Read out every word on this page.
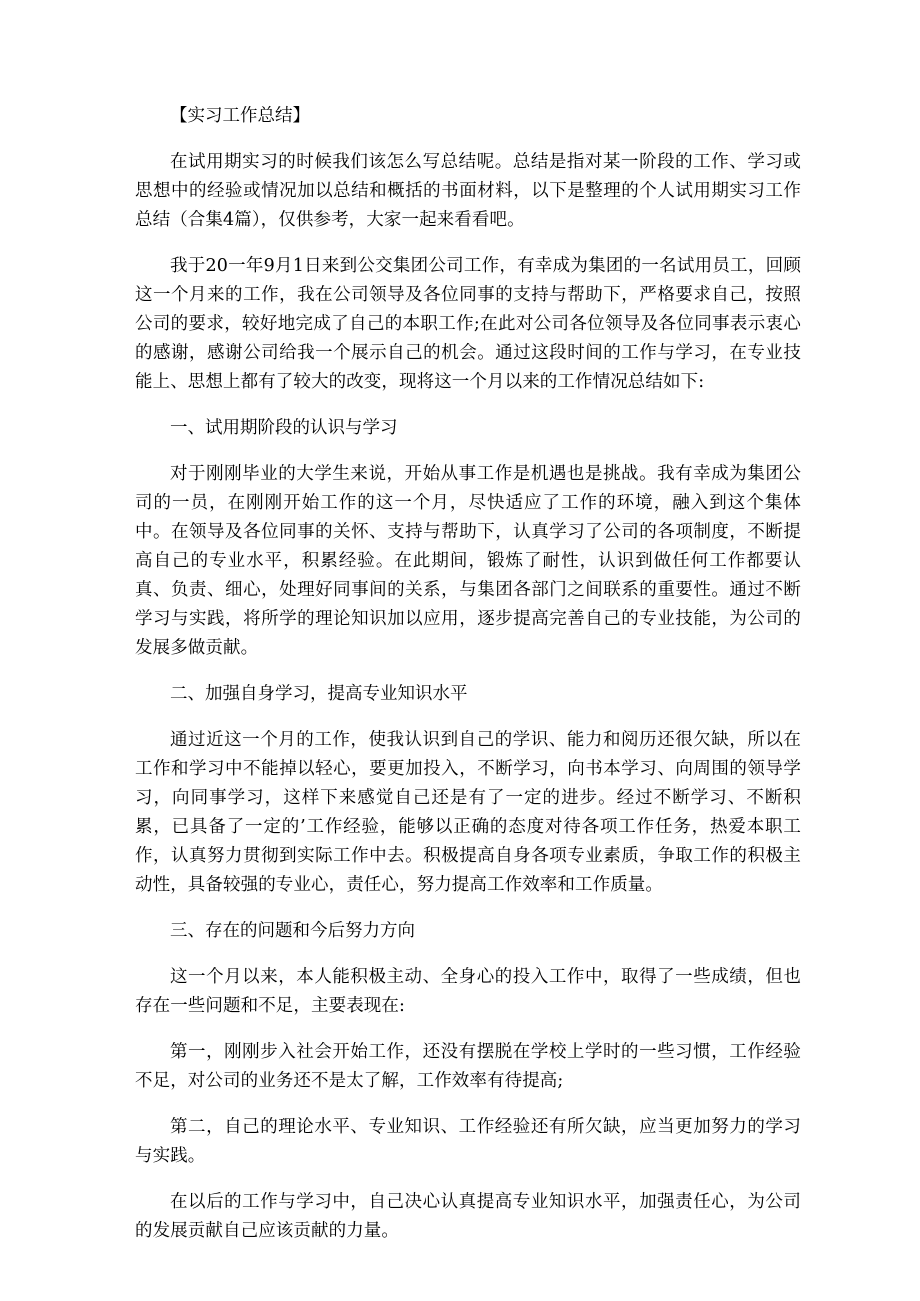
【实习工作总结】

在试用期实习的时候我们该怎么写总结呢。总结是指对某一阶段的工作、学习或思想中的经验或情况加以总结和概括的书面材料，以下是整理的个人试用期实习工作总结（合集4篇），仅供参考，大家一起来看看吧。

我于20一年9月1日来到公交集团公司工作，有幸成为集团的一名试用员工，回顾这一个月来的工作，我在公司领导及各位同事的支持与帮助下，严格要求自己，按照公司的要求，较好地完成了自己的本职工作;在此对公司各位领导及各位同事表示衷心的感谢，感谢公司给我一个展示自己的机会。通过这段时间的工作与学习，在专业技能上、思想上都有了较大的改变，现将这一个月以来的工作情况总结如下:

一、试用期阶段的认识与学习

对于刚刚毕业的大学生来说，开始从事工作是机遇也是挑战。我有幸成为集团公司的一员，在刚刚开始工作的这一个月，尽快适应了工作的环境，融入到这个集体中。在领导及各位同事的关怀、支持与帮助下，认真学习了公司的各项制度，不断提高自己的专业水平，积累经验。在此期间，锻炼了耐性，认识到做任何工作都要认真、负责、细心，处理好同事间的关系，与集团各部门之间联系的重要性。通过不断学习与实践，将所学的理论知识加以应用，逐步提高完善自己的专业技能，为公司的发展多做贡献。

二、加强自身学习，提高专业知识水平

通过近这一个月的工作，使我认识到自己的学识、能力和阅历还很欠缺，所以在工作和学习中不能掉以轻心，要更加投入，不断学习，向书本学习、向周围的领导学习，向同事学习，这样下来感觉自己还是有了一定的进步。经过不断学习、不断积累，已具备了一定的’工作经验，能够以正确的态度对待各项工作任务，热爱本职工作，认真努力贯彻到实际工作中去。积极提高自身各项专业素质，争取工作的积极主动性，具备较强的专业心，责任心，努力提高工作效率和工作质量。

三、存在的问题和今后努力方向

这一个月以来，本人能积极主动、全身心的投入工作中，取得了一些成绩，但也存在一些问题和不足，主要表现在:

第一，刚刚步入社会开始工作，还没有摆脱在学校上学时的一些习惯，工作经验不足，对公司的业务还不是太了解，工作效率有待提高;

第二，自己的理论水平、专业知识、工作经验还有所欠缺，应当更加努力的学习与实践。

在以后的工作与学习中，自己决心认真提高专业知识水平，加强责任心，为公司的发展贡献自己应该贡献的力量。
